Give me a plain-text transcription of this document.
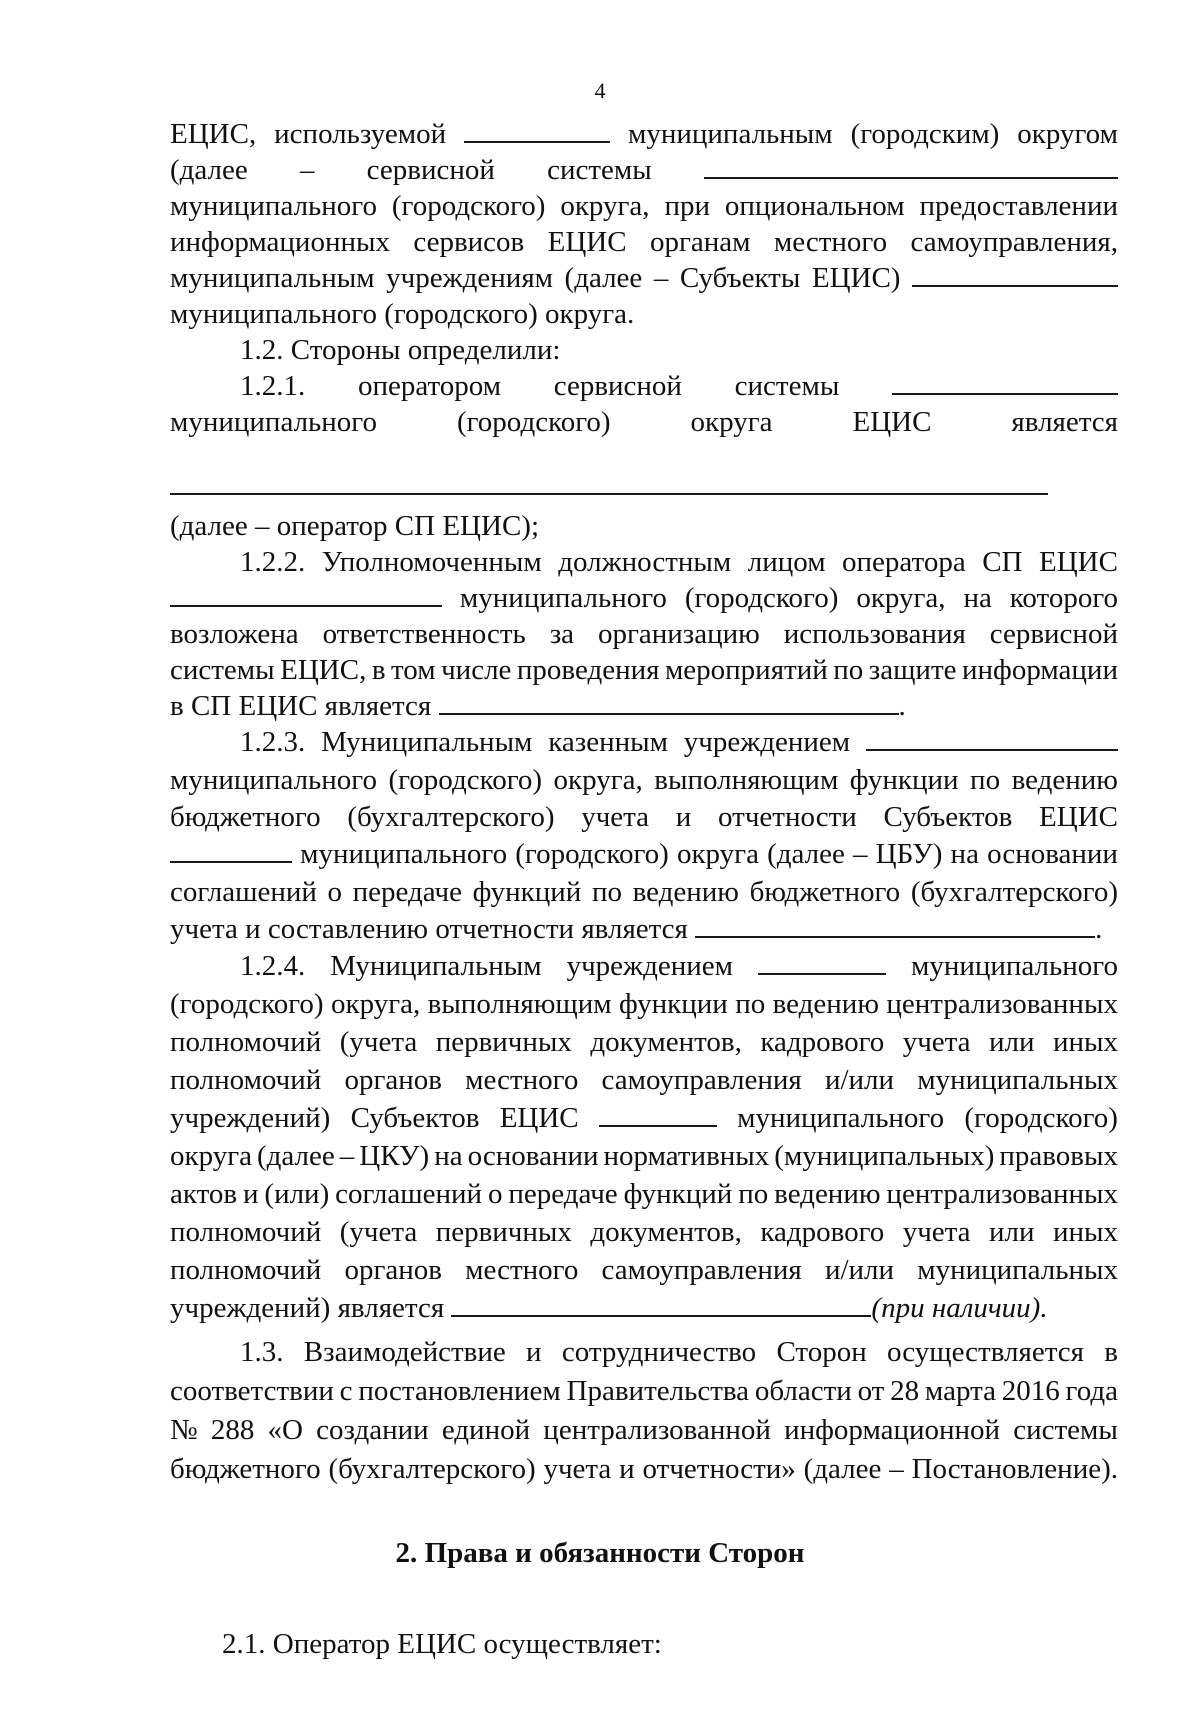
4
ЕЦИС, используемой	муниципальным (городским) округом
(далее – сервисной системы
муниципального (городского) округа, при опциональном предоставлении
информационных сервисов ЕЦИС органам местного самоуправления,
муниципальным учреждениям (далее – Субъекты ЕЦИС)
муниципального (городского) округа.
1.2. Стороны определили:
1.2.1. оператором сервисной системы
муниципального	(городского)	округа	ЕЦИС	является
(далее – оператор СП ЕЦИС);
1.2.2. Уполномоченным должностным лицом оператора СП ЕЦИС
муниципального (городского) округа, на которого
возложена ответственность за организацию использования сервисной
системы ЕЦИС, в том числе проведения мероприятий по защите информации
в СП ЕЦИС является	.
1.2.3. Муниципальным казенным учреждением
муниципального (городского) округа, выполняющим функции по ведению
бюджетного (бухгалтерского) учета и отчетности Субъектов ЕЦИС
муниципального (городского) округа (далее – ЦБУ) на основании
соглашений о передаче функций по ведению бюджетного (бухгалтерского)
учета и составлению отчетности является	.
1.2.4. Муниципальным учреждением	муниципального
(городского) округа, выполняющим функции по ведению централизованных
полномочий (учета первичных документов, кадрового учета или иных
полномочий органов местного самоуправления и/или муниципальных
учреждений) Субъектов ЕЦИС	муниципального (городского)
округа (далее – ЦКУ) на основании нормативных (муниципальных) правовых
актов и (или) соглашений о передаче функций по ведению централизованных
полномочий (учета первичных документов, кадрового учета или иных
полномочий органов местного самоуправления и/или муниципальных
учреждений) является	(при наличии).
1.3. Взаимодействие и сотрудничество Сторон осуществляется в
соответствии с постановлением Правительства области от 28 марта 2016 года
№ 288 «О создании единой централизованной информационной системы
бюджетного (бухгалтерского) учета и отчетности» (далее – Постановление).
2. Права и обязанности Сторон
2.1. Оператор ЕЦИС осуществляет:
